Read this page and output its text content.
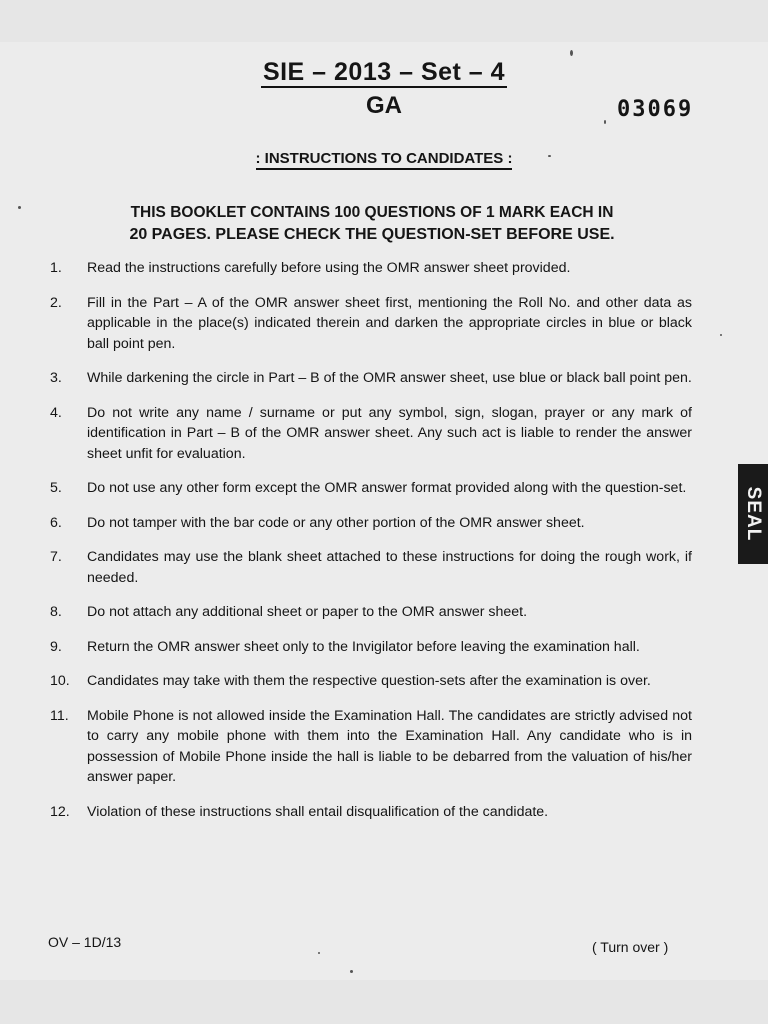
SIE – 2013 – Set – 4
GA	03069
: INSTRUCTIONS TO CANDIDATES :
THIS BOOKLET CONTAINS 100 QUESTIONS OF 1 MARK EACH IN
20 PAGES. PLEASE CHECK THE QUESTION-SET BEFORE USE.
1.	Read the instructions carefully before using the OMR answer sheet provided.
2.	Fill in the Part – A of the OMR answer sheet first, mentioning the Roll No. and other data as applicable in the place(s) indicated therein and darken the appropriate circles in blue or black ball point pen.
3.	While darkening the circle in Part – B of the OMR answer sheet, use blue or black ball point pen.
4.	Do not write any name / surname or put any symbol, sign, slogan, prayer or any mark of identification in Part – B of the OMR answer sheet. Any such act is liable to render the answer sheet unfit for evaluation.
5.	Do not use any other form except the OMR answer format provided along with the question-set.
6.	Do not tamper with the bar code or any other portion of the OMR answer sheet.
7.	Candidates may use the blank sheet attached to these instructions for doing the rough work, if needed.
8.	Do not attach any additional sheet or paper to the OMR answer sheet.
9.	Return the OMR answer sheet only to the Invigilator before leaving the examination hall.
10.	Candidates may take with them the respective question-sets after the examination is over.
11.	Mobile Phone is not allowed inside the Examination Hall. The candidates are strictly advised not to carry any mobile phone with them into the Examination Hall. Any candidate who is in possession of Mobile Phone inside the hall is liable to be debarred from the valuation of his/her answer paper.
12.	Violation of these instructions shall entail disqualification of the candidate.
OV – 1D/13	( Turn over )
SEAL
